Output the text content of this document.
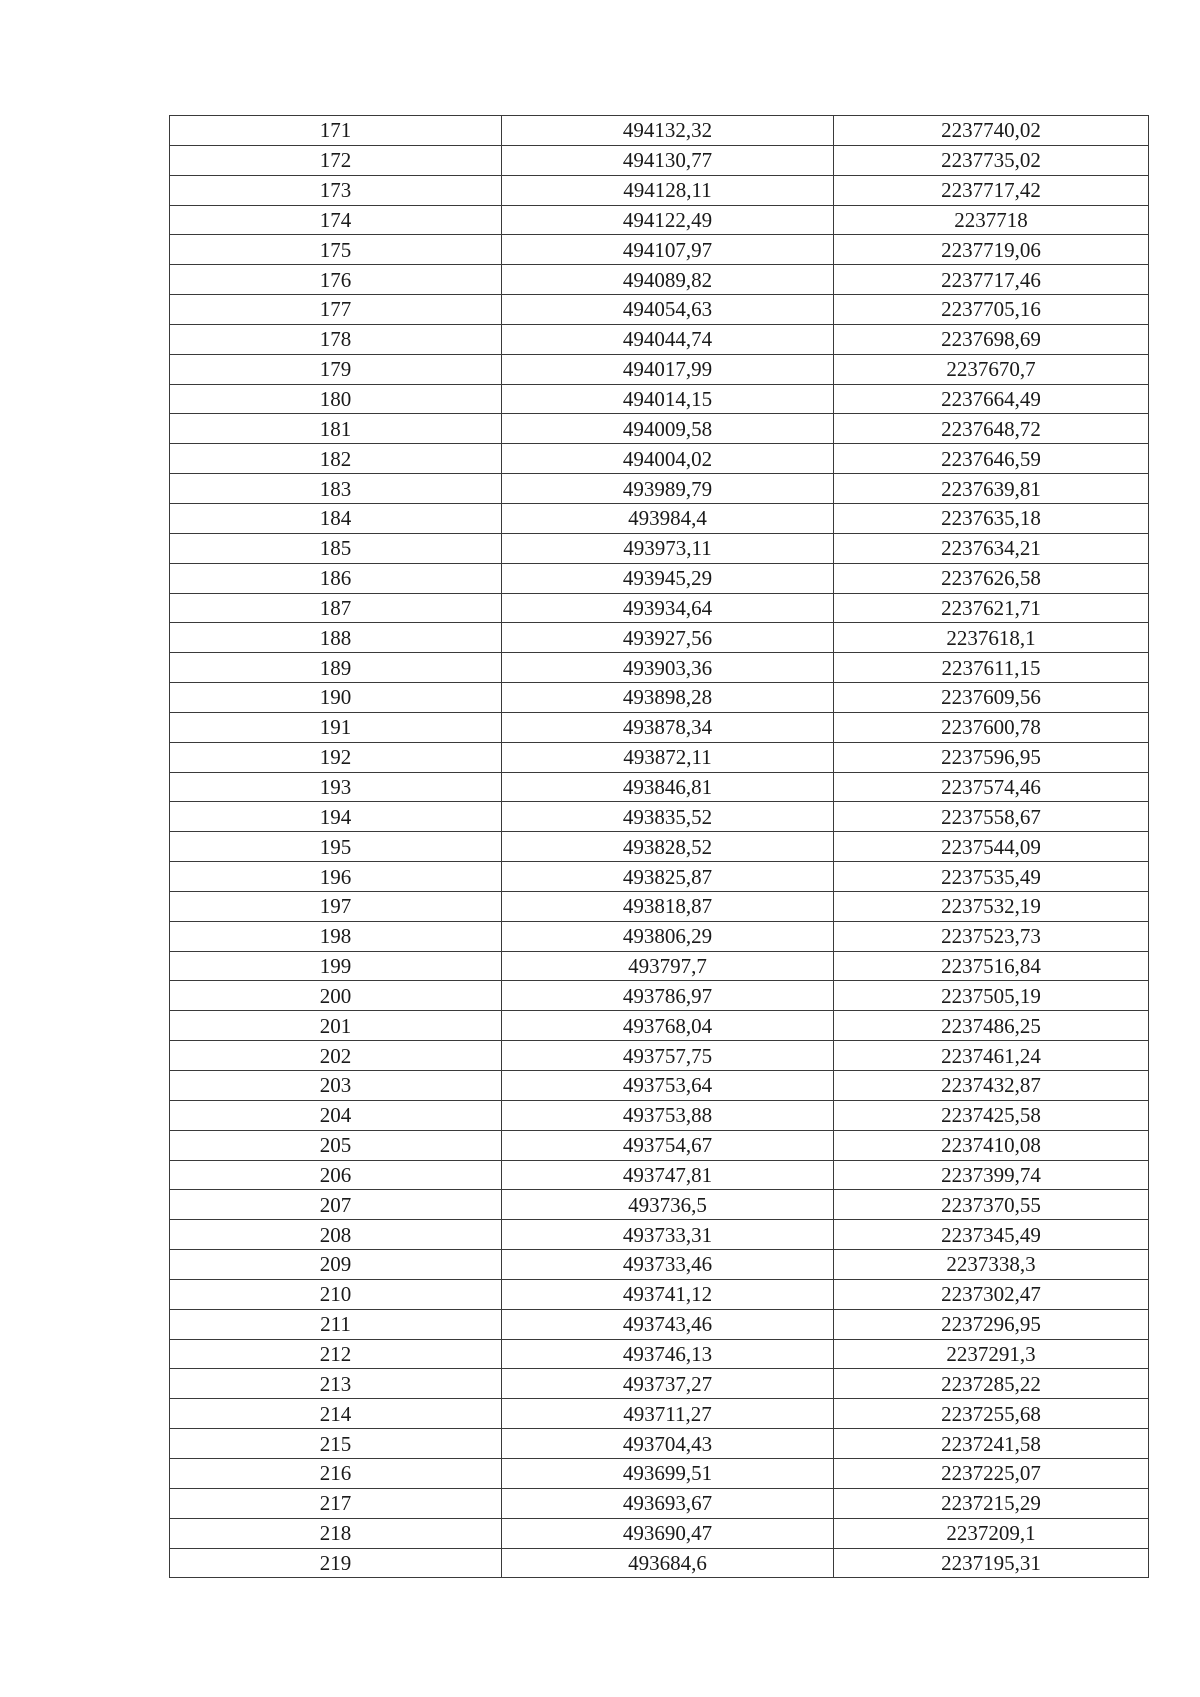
171	494132,32	2237740,02
172	494130,77	2237735,02
173	494128,11	2237717,42
174	494122,49	2237718
175	494107,97	2237719,06
176	494089,82	2237717,46
177	494054,63	2237705,16
178	494044,74	2237698,69
179	494017,99	2237670,7
180	494014,15	2237664,49
181	494009,58	2237648,72
182	494004,02	2237646,59
183	493989,79	2237639,81
184	493984,4	2237635,18
185	493973,11	2237634,21
186	493945,29	2237626,58
187	493934,64	2237621,71
188	493927,56	2237618,1
189	493903,36	2237611,15
190	493898,28	2237609,56
191	493878,34	2237600,78
192	493872,11	2237596,95
193	493846,81	2237574,46
194	493835,52	2237558,67
195	493828,52	2237544,09
196	493825,87	2237535,49
197	493818,87	2237532,19
198	493806,29	2237523,73
199	493797,7	2237516,84
200	493786,97	2237505,19
201	493768,04	2237486,25
202	493757,75	2237461,24
203	493753,64	2237432,87
204	493753,88	2237425,58
205	493754,67	2237410,08
206	493747,81	2237399,74
207	493736,5	2237370,55
208	493733,31	2237345,49
209	493733,46	2237338,3
210	493741,12	2237302,47
211	493743,46	2237296,95
212	493746,13	2237291,3
213	493737,27	2237285,22
214	493711,27	2237255,68
215	493704,43	2237241,58
216	493699,51	2237225,07
217	493693,67	2237215,29
218	493690,47	2237209,1
219	493684,6	2237195,31
